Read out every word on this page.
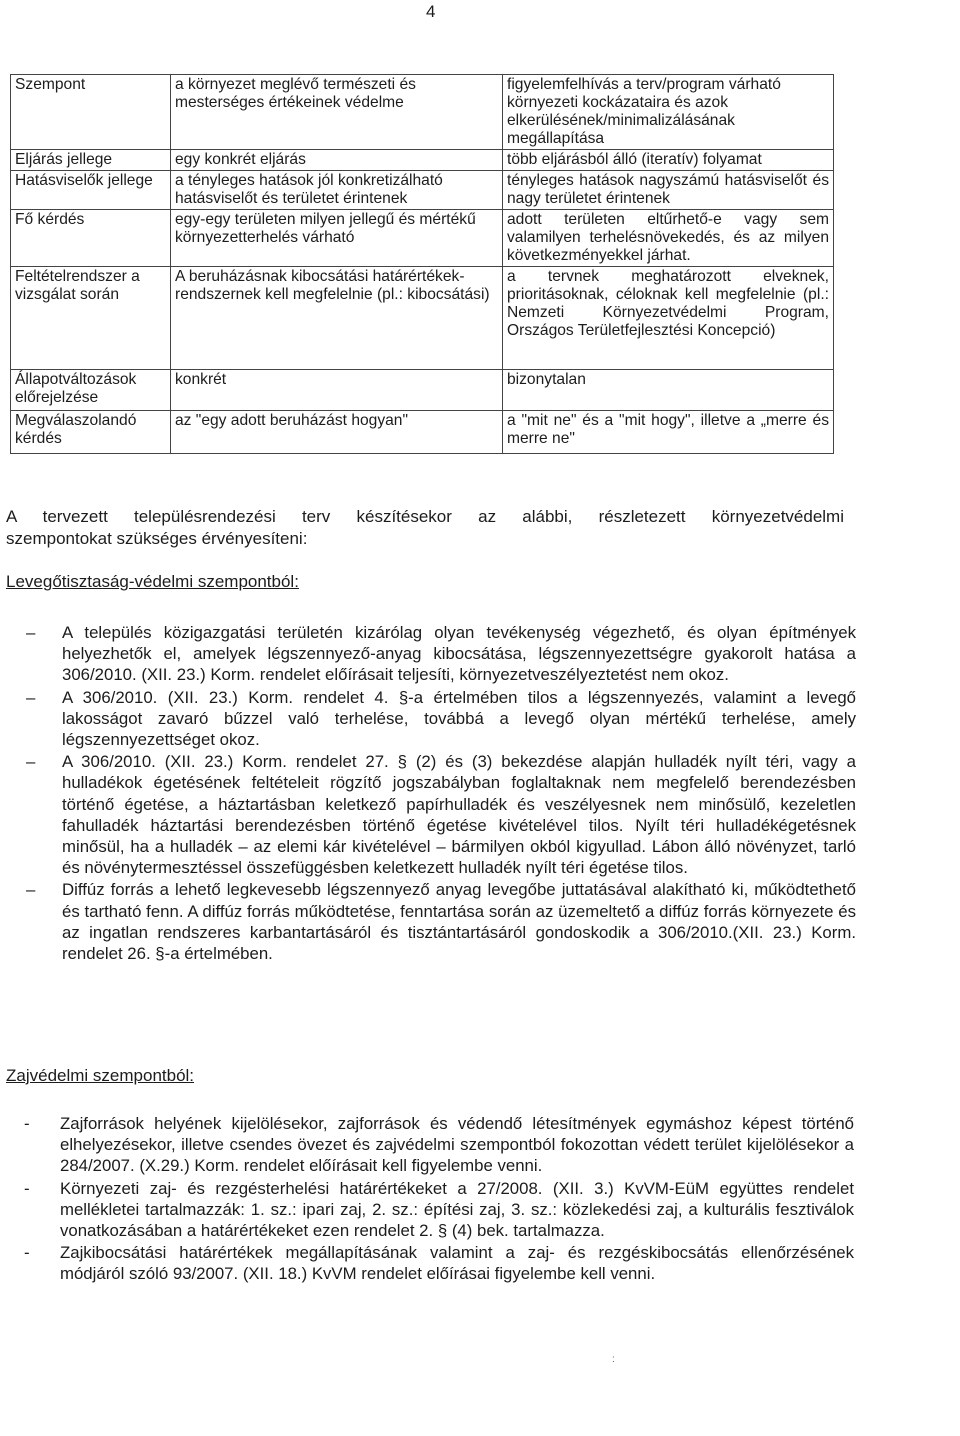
4
Szempont	a környezet meglévő természeti és mesterséges értékeinek védelme	figyelemfelhívás a terv/program várható környezeti kockázataira és azok elkerülésének/minimalizálásának megállapítása
Eljárás jellege	egy konkrét eljárás	több eljárásból álló (iteratív) folyamat
Hatásviselők jellege	a tényleges hatások jól konkretizálható hatásviselőt és területet érintenek	tényleges hatások nagyszámú hatásviselőt és nagy területet érintenek
Fő kérdés	egy-egy területen milyen jellegű és mértékű környezetterhelés várható	adott területen eltűrhető-e vagy sem valamilyen terhelésnövekedés, és az milyen következményekkel járhat.
Feltételrendszer a vizsgálat során	A beruházásnak kibocsátási határértékek-rendszernek kell megfelelnie (pl.: kibocsátási)	a tervnek meghatározott elveknek, prioritásoknak, céloknak kell megfelelnie (pl.: Nemzeti Környezetvédelmi Program, Országos Területfejlesztési Koncepció)
Állapotváltozások előrejelzése	konkrét	bizonytalan
Megválaszolandó kérdés	az "egy adott beruházást hogyan"	a "mit ne" és a "mit hogy", illetve a „merre és merre ne"
A tervezett településrendezési terv készítésekor az alábbi, részletezett környezetvédelmi
szempontokat szükséges érvényesíteni:
Levegőtisztaság-védelmi szempontból:
– A település közigazgatási területén kizárólag olyan tevékenység végezhető, és olyan építmények helyezhetők el, amelyek légszennyező-anyag kibocsátása, légszennyezettségre gyakorolt hatása a 306/2010. (XII. 23.) Korm. rendelet előírásait teljesíti, környezetveszélyeztetést nem okoz.
– A 306/2010. (XII. 23.) Korm. rendelet 4. §-a értelmében tilos a légszennyezés, valamint a levegő lakosságot zavaró bűzzel való terhelése, továbbá a levegő olyan mértékű terhelése, amely légszennyezettséget okoz.
– A 306/2010. (XII. 23.) Korm. rendelet 27. § (2) és (3) bekezdése alapján hulladék nyílt téri, vagy a hulladékok égetésének feltételeit rögzítő jogszabályban foglaltaknak nem megfelelő berendezésben történő égetése, a háztartásban keletkező papírhulladék és veszélyesnek nem minősülő, kezeletlen fahulladék háztartási berendezésben történő égetése kivételével tilos. Nyílt téri hulladékégetésnek minősül, ha a hulladék – az elemi kár kivételével – bármilyen okból kigyullad. Lábon álló növényzet, tarló és növénytermesztéssel összefüggésben keletkezett hulladék nyílt téri égetése tilos.
– Diffúz forrás a lehető legkevesebb légszennyező anyag levegőbe juttatásával alakítható ki, működtethető és tartható fenn. A diffúz forrás működtetése, fenntartása során az üzemeltető a diffúz forrás környezete és az ingatlan rendszeres karbantartásáról és tisztántartásáról gondoskodik a 306/2010.(XII. 23.) Korm. rendelet 26. §-a értelmében.
Zajvédelmi szempontból:
- Zajforrások helyének kijelölésekor, zajforrások és védendő létesítmények egymáshoz képest történő elhelyezésekor, illetve csendes övezet és zajvédelmi szempontból fokozottan védett terület kijelölésekor a 284/2007. (X.29.) Korm. rendelet előírásait kell figyelembe venni.
- Környezeti zaj- és rezgésterhelési határértékeket a 27/2008. (XII. 3.) KvVM-EüM együttes rendelet mellékletei tartalmazzák: 1. sz.: ipari zaj, 2. sz.: építési zaj, 3. sz.: közlekedési zaj, a kulturális fesztiválok vonatkozásában a határértékeket ezen rendelet 2. § (4) bek. tartalmazza.
- Zajkibocsátási határértékek megállapításának valamint a zaj- és rezgéskibocsátás ellenőrzésének módjáról szóló 93/2007. (XII. 18.) KvVM rendelet előírásai figyelembe kell venni.
:
